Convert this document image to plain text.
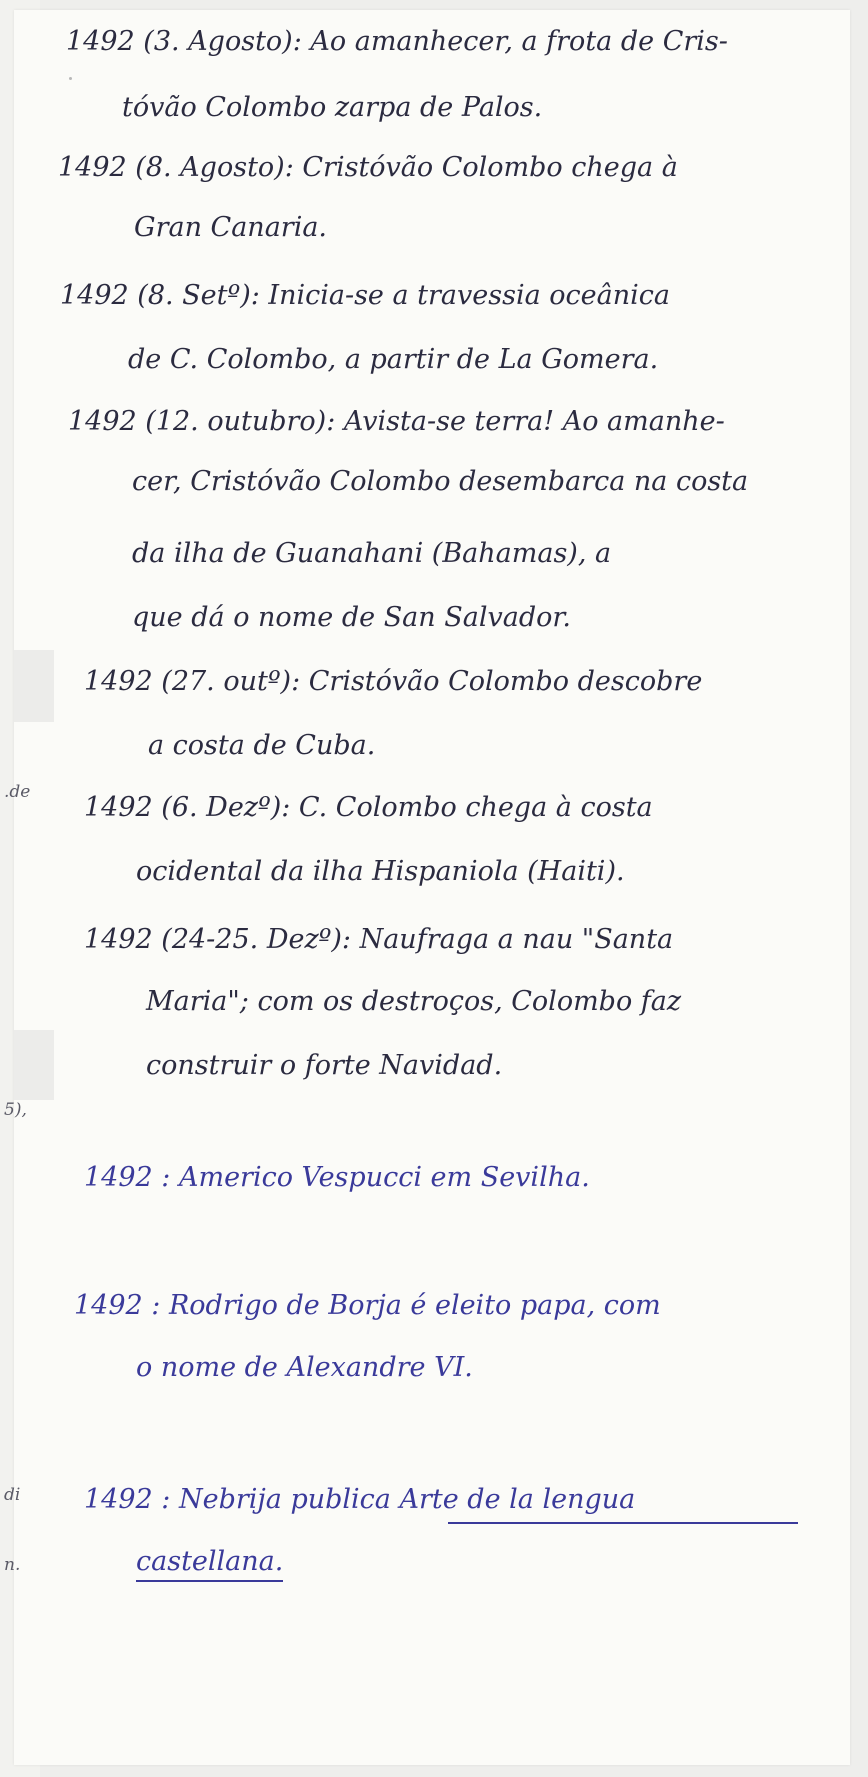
.de
5),
di
n.
1492 (3. Agosto): Ao amanhecer, a frota de Cris-
tóvão Colombo zarpa de Palos.
1492 (8. Agosto): Cristóvão Colombo chega à
Gran Canaria.
1492 (8. Setº): Inicia-se a travessia oceânica
de C. Colombo, a partir de La Gomera.
1492 (12. outubro): Avista-se terra! Ao amanhe-
cer, Cristóvão Colombo desembarca na costa
da ilha de Guanahani (Bahamas), a
que dá o nome de San Salvador.
1492 (27. outº): Cristóvão Colombo descobre
a costa de Cuba.
1492 (6. Dezº): C. Colombo chega à costa
ocidental da ilha Hispaniola (Haiti).
1492 (24-25. Dezº): Naufraga a nau "Santa
Maria"; com os destroços, Colombo faz
construir o forte Navidad.
1492 : Americo Vespucci em Sevilha.
1492 : Rodrigo de Borja é eleito papa, com
o nome de Alexandre VI.
1492 : Nebrija publica Arte de la lengua
castellana.
